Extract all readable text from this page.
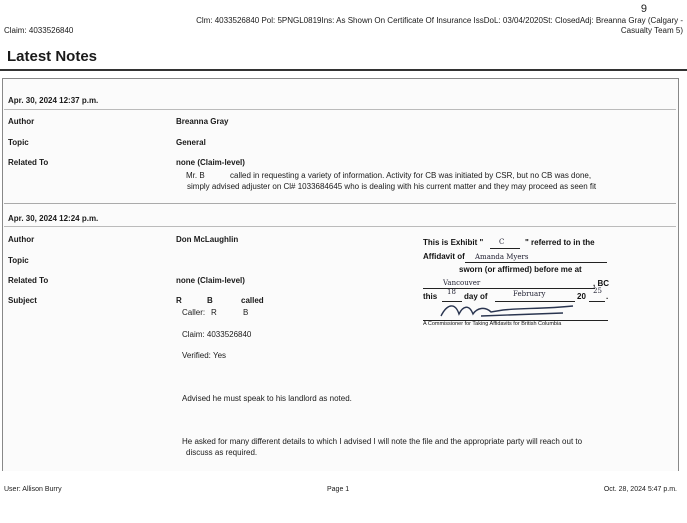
9
Claim: 4033526840
Clm: 4033526840 Pol: 5PNGL0819Ins: As Shown On Certificate Of Insurance IssDoL: 03/04/2020St: ClosedAdj: Breanna Gray (Calgary - Casualty Team 5)
Latest Notes
Apr. 30, 2024 12:37 p.m.
Author	Breanna Gray
Topic	General
Related To	none (Claim-level)
Mr. B	called in requesting a variety of information. Activity for CB was initiated by CSR, but no CB was done,
simply advised adjuster on Cl# 1033684645 who is dealing with his current matter and they may proceed as seen fit
Apr. 30, 2024 12:24 p.m.
Author	Don McLaughlin
Topic
Related To	none (Claim-level)
Subject	R	B	called
Caller: R	B
Claim: 4033526840
Verified: Yes
Advised he must speak to his landlord as noted.
He asked for many different details to which I advised I will note the file and the appropriate party will reach out to
discuss as required.
This is Exhibit " C	" referred to in the
Affidavit of Amanda Myers
sworn (or affirmed) before me at
Vancouver	, BC
this 18 day of	February	20
25
.
A Commissioner for Taking Affidavits for British Columbia
User: Allison Burry	Page 1	Oct. 28, 2024 5:47 p.m.
